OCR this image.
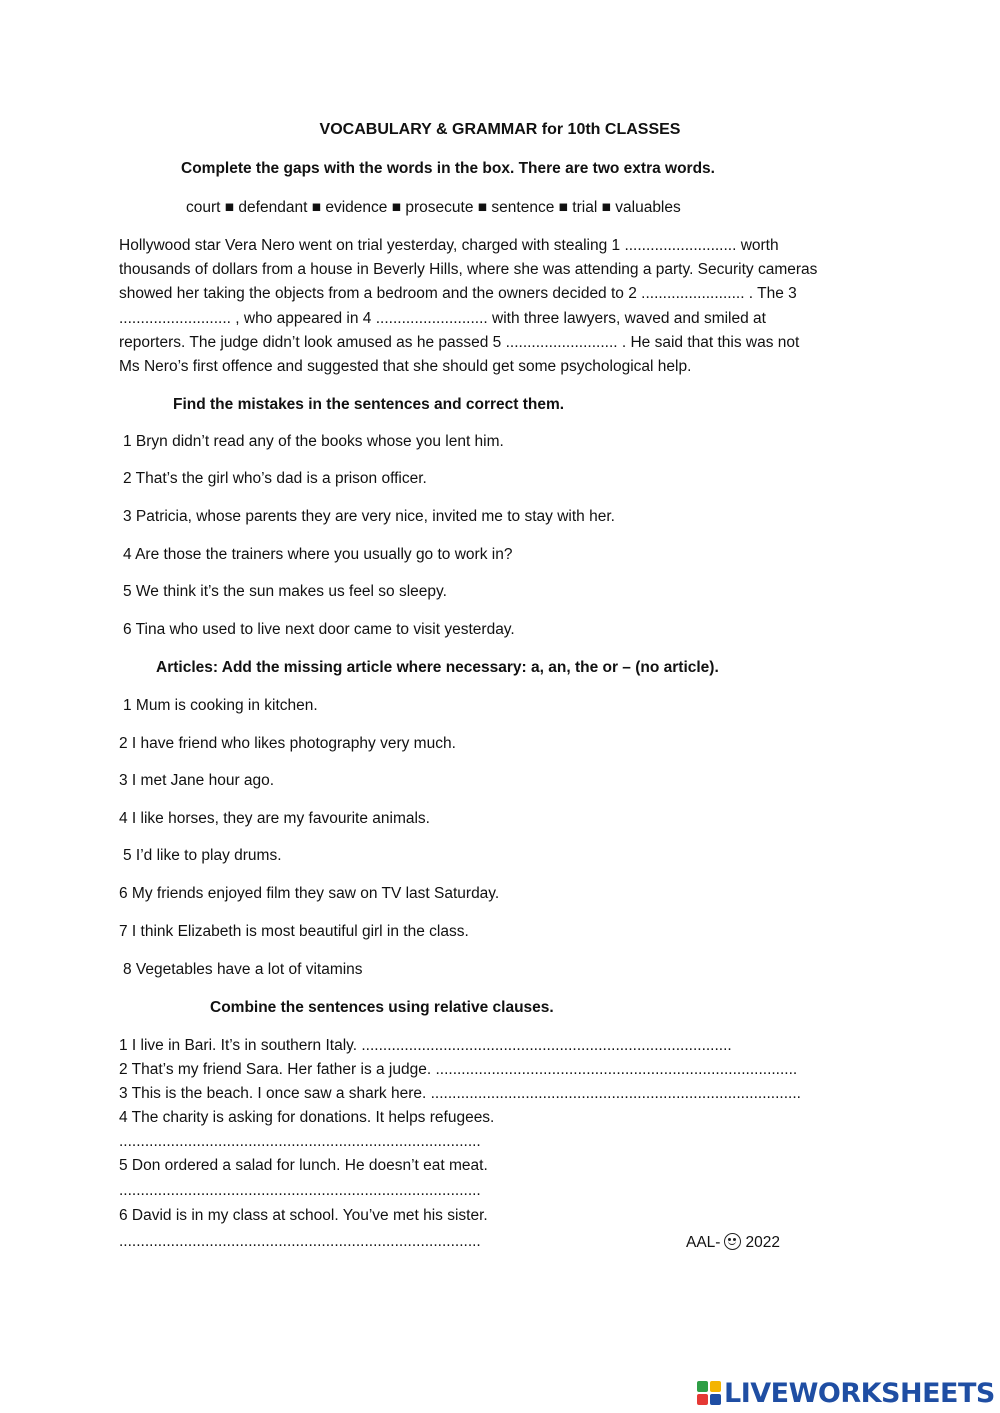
VOCABULARY & GRAMMAR for 10th CLASSES
Complete the gaps with the words in the box. There are two extra words.
court ■ defendant ■ evidence ■ prosecute ■ sentence ■ trial ■ valuables
Hollywood star Vera Nero went on trial yesterday, charged with stealing 1 .......................... worth
thousands of dollars from a house in Beverly Hills, where she was attending a party. Security cameras
showed her taking the objects from a bedroom and the owners decided to 2 ........................ . The 3
.......................... , who appeared in 4 .......................... with three lawyers, waved and smiled at
reporters. The judge didn’t look amused as he passed 5 .......................... . He said that this was not
Ms Nero’s first offence and suggested that she should get some psychological help.
Find the mistakes in the sentences and correct them.
1 Bryn didn’t read any of the books whose you lent him.
2 That’s the girl who’s dad is a prison officer.
3 Patricia, whose parents they are very nice, invited me to stay with her.
4 Are those the trainers where you usually go to work in?
5 We think it’s the sun makes us feel so sleepy.
6 Tina who used to live next door came to visit yesterday.
Articles: Add the missing article where necessary: a, an, the or – (no article).
1 Mum is cooking in kitchen.
2 I have friend who likes photography very much.
3 I met Jane hour ago.
4 I like horses, they are my favourite animals.
5 I’d like to play drums.
6 My friends enjoyed film they saw on TV last Saturday.
7 I think Elizabeth is most beautiful girl in the class.
8 Vegetables have a lot of vitamins
Combine the sentences using relative clauses.
1 I live in Bari. It’s in southern Italy. ......................................................................................
2 That’s my friend Sara. Her father is a judge. ....................................................................................
3 This is the beach. I once saw a shark here. ......................................................................................
4 The charity is asking for donations. It helps refugees.
....................................................................................
5 Don ordered a salad for lunch. He doesn’t eat meat.
....................................................................................
6 David is in my class at school. You’ve met his sister.
....................................................................................	AAL- 2022
LIVEWORKSHEETS
